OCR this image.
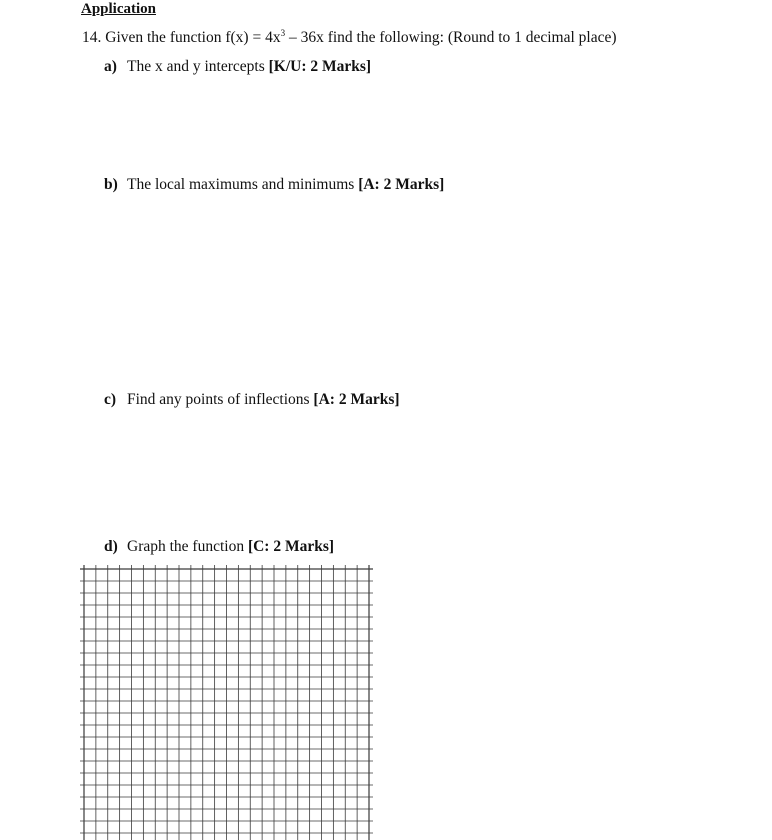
Application
14. Given the function $f(x) = 4x^3 - 36x$ find the following: (Round to 1 decimal place)
a) The x and y intercepts [K/U: 2 Marks]
b) The local maximums and minimums [A: 2 Marks]
c) Find any points of inflections [A: 2 Marks]
d) Graph the function [C: 2 Marks]
